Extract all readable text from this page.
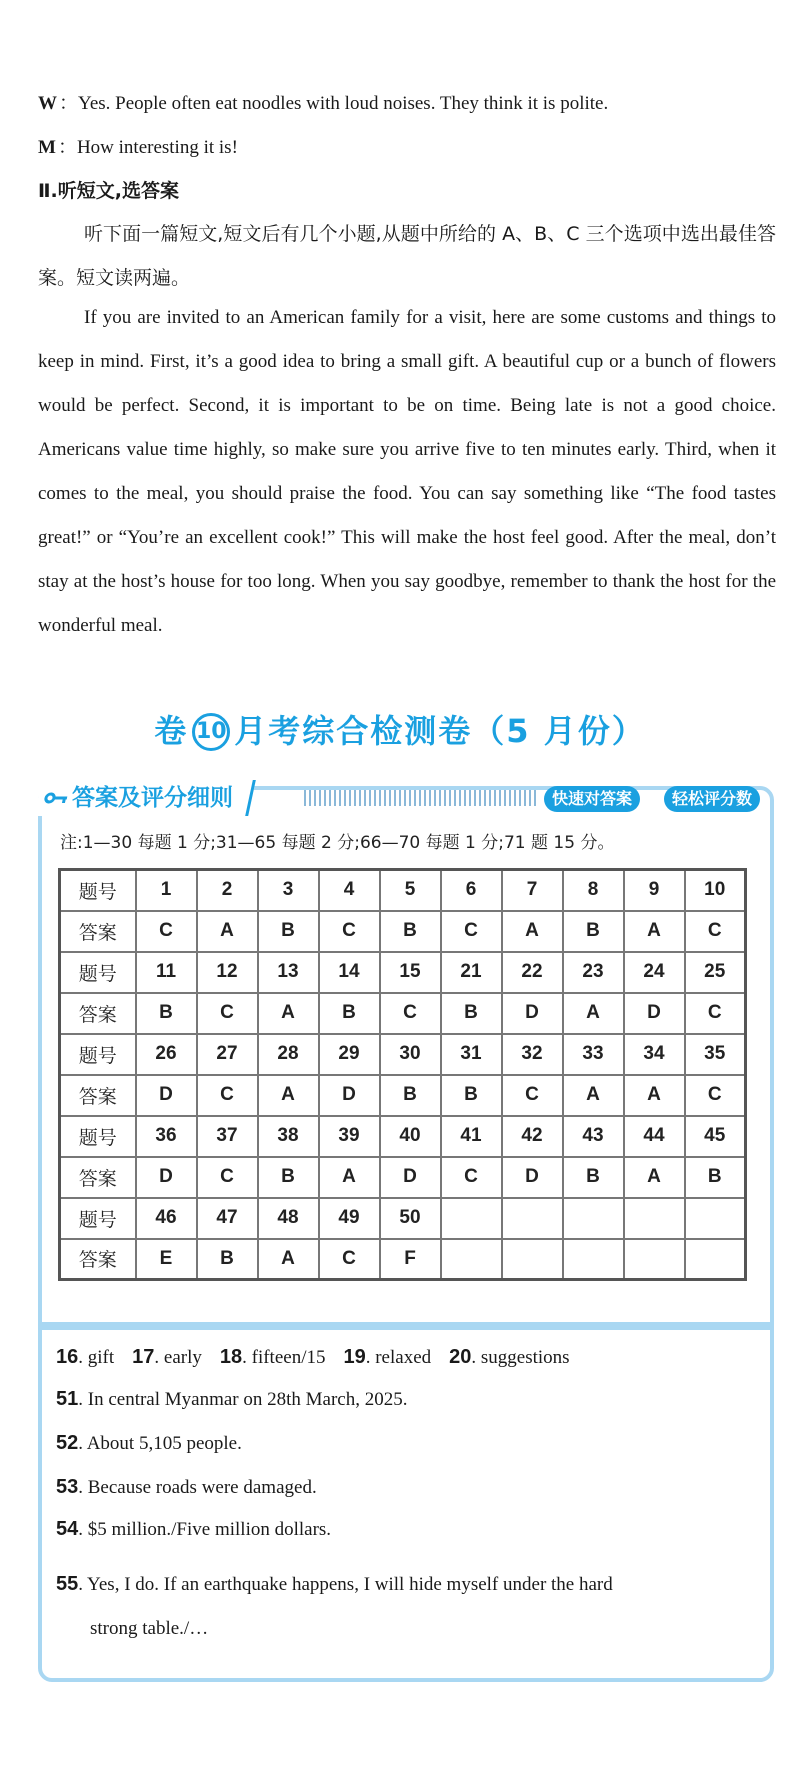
W ：Yes. People often eat noodles with loud noises. They think it is polite.
M ：How interesting it is!
Ⅱ.听短文,选答案
听下面一篇短文,短文后有几个小题,从题中所给的 A、B、C 三个选项中选出最佳答案。短文读两遍。
If you are invited to an American family for a visit, here are some customs and things to keep in mind. First, it’s a good idea to bring a small gift. A beautiful cup or a bunch of flowers would be perfect. Second, it is important to be on time. Being late is not a good choice. Americans value time highly, so make sure you arrive five to ten minutes early. Third, when it comes to the meal, you should praise the food. You can say something like “The food tastes great!” or “You’re an excellent cook!” This will make the host feel good. After the meal, don’t stay at the host’s house for too long. When you say goodbye, remember to thank the host for the wonderful meal.
卷 10 月考综合检测卷（5 月份）
答案及评分细则	快速对答案	轻松评分数
注:1—30 每题 1 分;31—65 每题 2 分;66—70 每题 1 分;71 题 15 分。
题号	1	2	3	4	5	6	7	8	9	10
答案	C	A	B	C	B	C	A	B	A	C
题号	11	12	13	14	15	21	22	23	24	25
答案	B	C	A	B	C	B	D	A	D	C
题号	26	27	28	29	30	31	32	33	34	35
答案	D	C	A	D	B	B	C	A	A	C
题号	36	37	38	39	40	41	42	43	44	45
答案	D	C	B	A	D	C	D	B	A	B
题号	46	47	48	49	50					
答案	E	B	A	C	F					
16. gift 17. early 18. fifteen/15 19. relaxed 20. suggestions
51. In central Myanmar on 28th March, 2025.
52. About 5,105 people.
53. Because roads were damaged.
54. $5 million./Five million dollars.
55. Yes, I do. If an earthquake happens, I will hide myself under the hard
strong table./…
